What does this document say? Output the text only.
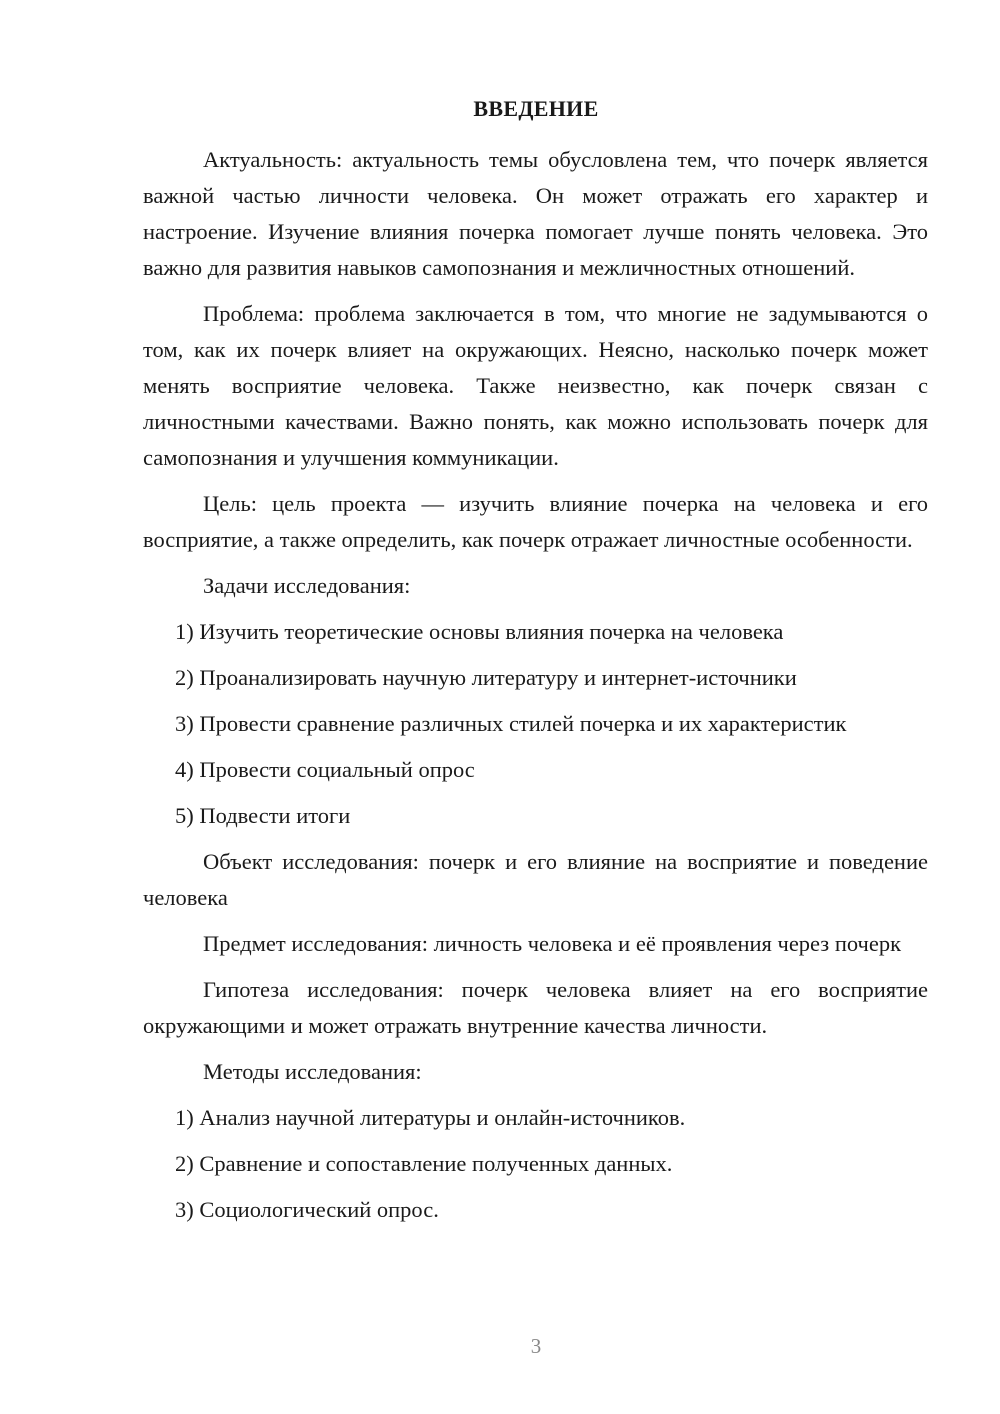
ВВЕДЕНИЕ

Актуальность: актуальность темы обусловлена тем, что почерк является важной частью личности человека. Он может отражать его характер и настроение. Изучение влияния почерка помогает лучше понять человека. Это важно для развития навыков самопознания и межличностных отношений.

Проблема: проблема заключается в том, что многие не задумываются о том, как их почерк влияет на окружающих. Неясно, насколько почерк может менять восприятие человека. Также неизвестно, как почерк связан с личностными качествами. Важно понять, как можно использовать почерк для самопознания и улучшения коммуникации.

Цель: цель проекта — изучить влияние почерка на человека и его восприятие, а также определить, как почерк отражает личностные особенности.

Задачи исследования:

1) Изучить теоретические основы влияния почерка на человека

2) Проанализировать научную литературу и интернет-источники

3) Провести сравнение различных стилей почерка и их характеристик

4) Провести социальный опрос

5) Подвести итоги

Объект исследования: почерк и его влияние на восприятие и поведение человека

Предмет исследования: личность человека и её проявления через почерк

Гипотеза исследования: почерк человека влияет на его восприятие окружающими и может отражать внутренние качества личности.

Методы исследования:

1) Анализ научной литературы и онлайн-источников.

2) Сравнение и сопоставление полученных данных.

3) Социологический опрос.

3
